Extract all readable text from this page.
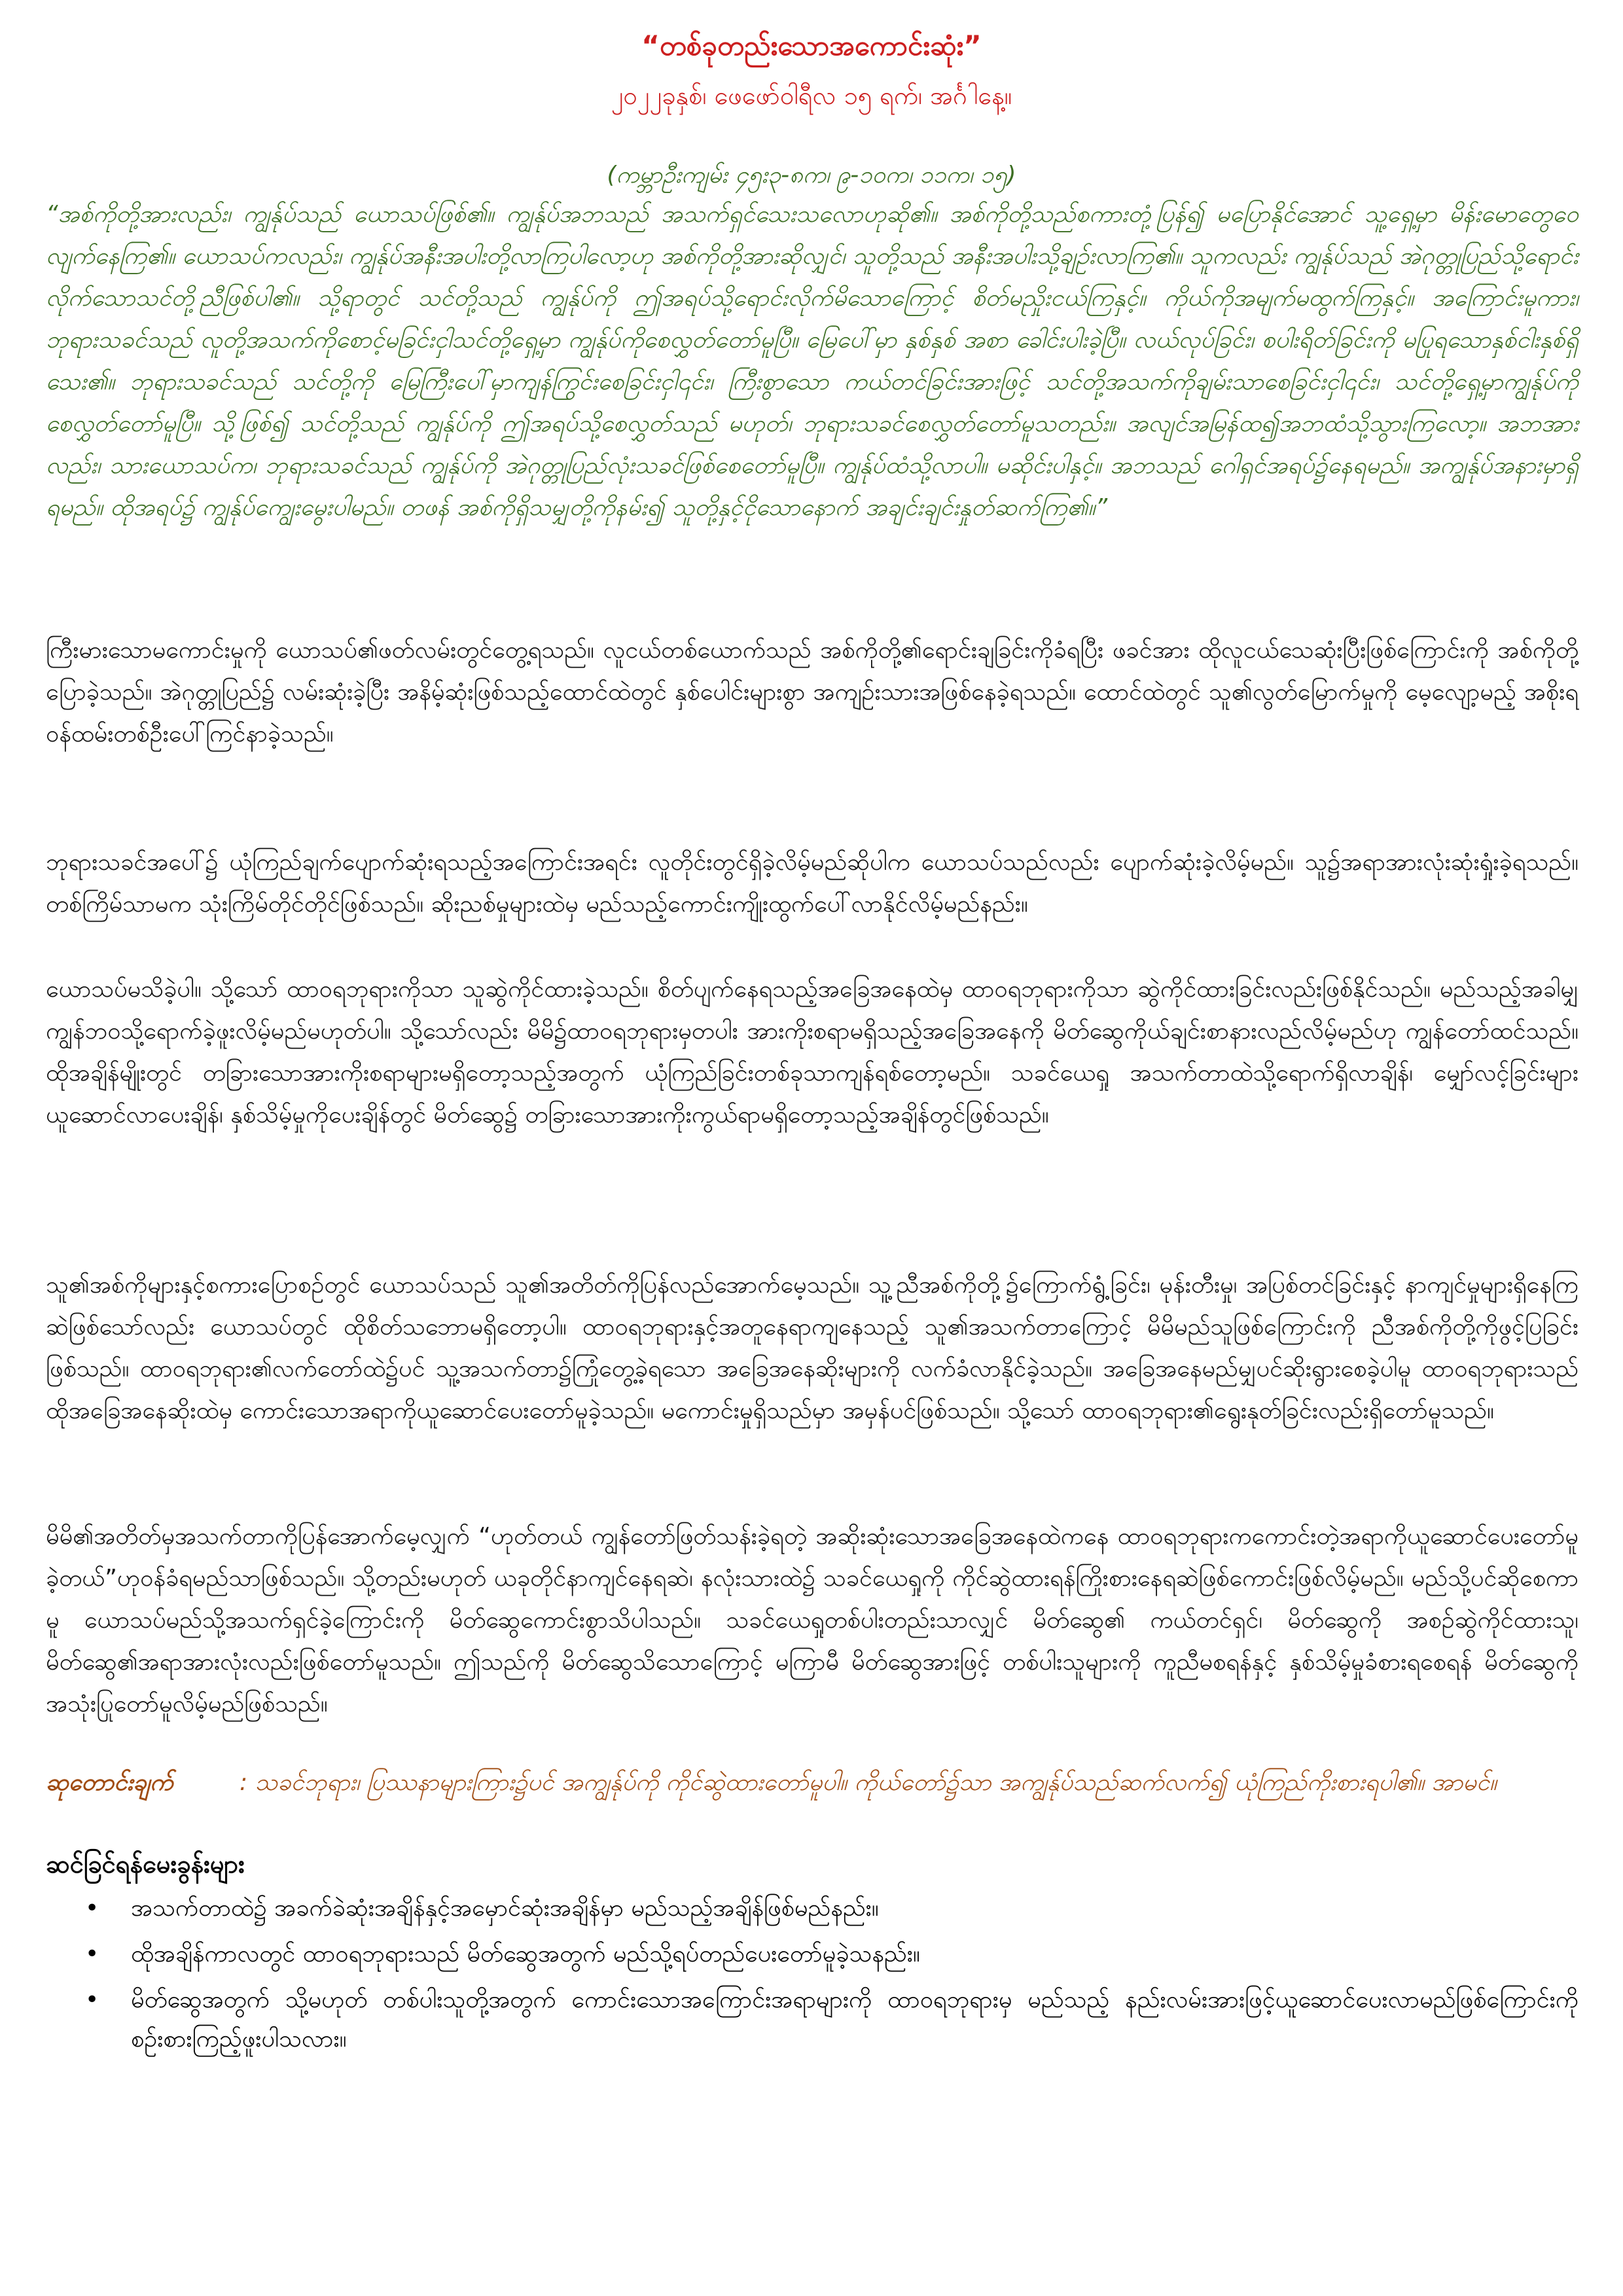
“တစ်ခုတည်းသောအကောင်းဆုံး”
၂၀၂၂ခုနှစ်၊ ဖေဖော်ဝါရီလ ၁၅ ရက်၊ အင်္ဂါနေ့။
(ကမ္ဘာဦးကျမ်း ၄၅း၃-၈က၊ ၉-၁၀က၊ ၁၁က၊ ၁၅)

“အစ်ကိုတို့အားလည်း၊ ကျွန်ုပ်သည် ယောသပ်ဖြစ်၏။ ကျွန်ုပ်အဘသည် အသက်ရှင်သေးသလောဟုဆို၏။ အစ်ကိုတို့သည်စကားတုံ့ပြန်၍ မပြောနိုင်အောင် သူ့ရှေ့မှာ မိန်းမောတွေဝေလျက်နေကြ၏။ ယောသပ်ကလည်း၊ ကျွန်ုပ်အနီးအပါးတို့လာကြပါလော့ဟု အစ်ကိုတို့အားဆိုလျှင်၊ သူတို့သည် အနီးအပါးသို့ချဉ်းလာကြ၏။ သူကလည်း ကျွန်ုပ်သည် အဲဂုတ္တုပြည်သို့ရောင်းလိုက်သောသင်တို့ညီဖြစ်ပါ၏။ သို့ရာတွင် သင်တို့သည် ကျွန်ုပ်ကို ဤအရပ်သို့ရောင်းလိုက်မိသောကြောင့် စိတ်မညှိုးငယ်ကြနှင့်။ ကိုယ်ကိုအမျက်မထွက်ကြနှင့်။ အကြောင်းမူကား၊ ဘုရားသခင်သည် လူတို့အသက်ကိုစောင့်မခြင်းငှါသင်တို့ရှေ့မှာ ကျွန်ုပ်ကိုစေလွှတ်တော်မူပြီ။ မြေပေါ်မှာ နှစ်နှစ် အစာ ခေါင်းပါးခဲ့ပြီ။ လယ်လုပ်ခြင်း၊ စပါးရိတ်ခြင်းကို မပြုရသောနှစ်ငါးနှစ်ရှိသေး၏။ ဘုရားသခင်သည် သင်တို့ကို မြေကြီးပေါ်မှာကျန်ကြွင်းစေခြင်းငှါ၎င်း၊ ကြီးစွာသော ကယ်တင်ခြင်းအားဖြင့် သင်တို့အသက်ကိုချမ်းသာစေခြင်းငှါ၎င်း၊ သင်တို့ရှေ့မှာကျွန်ုပ်ကိုစေလွှတ်တော်မူပြီ။ သို့ဖြစ်၍ သင်တို့သည် ကျွန်ုပ်ကို ဤအရပ်သို့စေလွှတ်သည် မဟုတ်၊ ဘုရားသခင်စေလွှတ်တော်မူသတည်း။ အလျင်အမြန်ထ၍အဘထံသို့သွားကြလော့။ အဘအားလည်း၊ သားယောသပ်က၊ ဘုရားသခင်သည် ကျွန်ုပ်ကို အဲဂုတ္တုပြည်လုံးသခင်ဖြစ်စေတော်မူပြီ။ ကျွန်ုပ်ထံသို့လာပါ။ မဆိုင်းပါနှင့်။ အဘသည် ဂေါရှင်အရပ်၌နေရမည်။ အကျွန်ုပ်အနားမှာရှိရမည်။ ထိုအရပ်၌ ကျွန်ုပ်ကျွေးမွေးပါမည်။ တဖန် အစ်ကိုရှိသမျှတို့ကိုနမ်း၍ သူတို့နှင့်ငိုသောနောက် အချင်းချင်းနှုတ်ဆက်ကြ၏။”

ကြီးမားသောမကောင်းမှုကို ယောသပ်၏ဖတ်လမ်းတွင်တွေ့ရသည်။ လူငယ်တစ်ယောက်သည် အစ်ကိုတို့၏ရောင်းချခြင်းကိုခံရပြီး ဖခင်အား ထိုလူငယ်သေဆုံးပြီးဖြစ်ကြောင်းကို အစ်ကိုတို့ပြောခဲ့သည်။ အဲဂုတ္တုပြည်၌ လမ်းဆုံးခဲ့ပြီး အနိမ့်ဆုံးဖြစ်သည့်ထောင်ထဲတွင် နှစ်ပေါင်းများစွာ အကျဉ်းသားအဖြစ်နေခဲ့ရသည်။ ထောင်ထဲတွင် သူ၏လွတ်မြောက်မှုကို မေ့လျော့မည့် အစိုးရဝန်ထမ်းတစ်ဦးပေါ်ကြင်နာခဲ့သည်။

ဘုရားသခင်အပေါ်၌ ယုံကြည်ချက်ပျောက်ဆုံးရသည့်အကြောင်းအရင်း လူတိုင်းတွင်ရှိခဲ့လိမ့်မည်ဆိုပါက ယောသပ်သည်လည်း ပျောက်ဆုံးခဲ့လိမ့်မည်။ သူ၌အရာအားလုံးဆုံးရှုံးခဲ့ရသည်။ တစ်ကြိမ်သာမက သုံးကြိမ်တိုင်တိုင်ဖြစ်သည်။ ဆိုးညစ်မှုများထဲမှ မည်သည့်ကောင်းကျိုးထွက်ပေါ်လာနိုင်လိမ့်မည်နည်း။

ယောသပ်မသိခဲ့ပါ။ သို့သော် ထာဝရဘုရားကိုသာ သူဆွဲကိုင်ထားခဲ့သည်။ စိတ်ပျက်နေရသည့်အခြေအနေထဲမှ ထာဝရဘုရားကိုသာ ဆွဲကိုင်ထားခြင်းလည်းဖြစ်နိုင်သည်။ မည်သည့်အခါမျှ ကျွန်ဘဝသို့ရောက်ခဲ့ဖူးလိမ့်မည်မဟုတ်ပါ။ သို့သော်လည်း မိမိ၌ထာဝရဘုရားမှတပါး အားကိုးစရာမရှိသည့်အခြေအနေကို မိတ်ဆွေကိုယ်ချင်းစာနားလည်လိမ့်မည်ဟု ကျွန်တော်ထင်သည်။ ထိုအချိန်မျိုးတွင် တခြားသောအားကိုးစရာများမရှိတော့သည့်အတွက် ယုံကြည်ခြင်းတစ်ခုသာကျန်ရစ်တော့မည်။ သခင်ယေရှု အသက်တာထဲသို့ရောက်ရှိလာချိန်၊ မျှော်လင့်ခြင်းများယူဆောင်လာပေးချိန်၊ နှစ်သိမ့်မှုကိုပေးချိန်တွင် မိတ်ဆွေ၌ တခြားသောအားကိုးကွယ်ရာမရှိတော့သည့်အချိန်တွင်ဖြစ်သည်။

သူ၏အစ်ကိုများနှင့်စကားပြောစဉ်တွင် ယောသပ်သည် သူ၏အတိတ်ကိုပြန်လည်အောက်မေ့သည်။ သူ့ညီအစ်ကိုတို့၌ကြောက်ရွံ့ခြင်း၊ မုန်းတီးမှု၊ အပြစ်တင်ခြင်းနှင့် နာကျင်မှုများရှိနေကြဆဲဖြစ်သော်လည်း ယောသပ်တွင် ထိုစိတ်သဘောမရှိတော့ပါ။ ထာဝရဘုရားနှင့်အတူနေရာကျနေသည့် သူ၏အသက်တာကြောင့် မိမိမည်သူဖြစ်ကြောင်းကို ညီအစ်ကိုတို့ကိုဖွင့်ပြခြင်းဖြစ်သည်။ ထာဝရဘုရား၏လက်တော်ထဲ၌ပင် သူ့အသက်တာ၌ကြုံတွေ့ခဲ့ရသော အခြေအနေဆိုးများကို လက်ခံလာနိုင်ခဲ့သည်။ အခြေအနေမည်မျှပင်ဆိုးရွားစေခဲ့ပါမူ ထာဝရဘုရားသည် ထိုအခြေအနေဆိုးထဲမှ ကောင်းသောအရာကိုယူဆောင်ပေးတော်မူခဲ့သည်။ မကောင်းမှုရှိသည်မှာ အမှန်ပင်ဖြစ်သည်။ သို့သော် ထာဝရဘုရား၏ရွေးနုတ်ခြင်းလည်းရှိတော်မူသည်။

မိမိ၏အတိတ်မှအသက်တာကိုပြန်အောက်မေ့လျှက် “ဟုတ်တယ် ကျွန်တော်ဖြတ်သန်းခဲ့ရတဲ့ အဆိုးဆုံးသောအခြေအနေထဲကနေ ထာဝရဘုရားကကောင်းတဲ့အရာကိုယူဆောင်ပေးတော်မူခဲ့တယ်”ဟုဝန်ခံရမည်သာဖြစ်သည်။ သို့တည်းမဟုတ် ယခုတိုင်နာကျင်နေရဆဲ၊ နလုံးသားထဲ၌ သခင်ယေရှုကို ကိုင်ဆွဲထားရန်ကြိုးစားနေရဆဲဖြစ်ကောင်းဖြစ်လိမ့်မည်။ မည်သို့ပင်ဆိုစေကာမူ ယောသပ်မည်သို့အသက်ရှင်ခဲ့ကြောင်းကို မိတ်ဆွေကောင်းစွာသိပါသည်။ သခင်ယေရှုတစ်ပါးတည်းသာလျှင် မိတ်ဆွေ၏ ကယ်တင်ရှင်၊ မိတ်ဆွေကို အစဉ်ဆွဲကိုင်ထားသူ၊ မိတ်ဆွေ၏အရာအားလုံးလည်းဖြစ်တော်မူသည်။ ဤသည်ကို မိတ်ဆွေသိသောကြောင့် မကြာမီ မိတ်ဆွေအားဖြင့် တစ်ပါးသူများကို ကူညီမစရန်နှင့် နှစ်သိမ့်မှုခံစားရစေရန် မိတ်ဆွေကို အသုံးပြုတော်မူလိမ့်မည်ဖြစ်သည်။

ဆုတောင်းချက်	: သခင်ဘုရား၊ ပြဿနာများကြား၌ပင် အကျွန်ုပ်ကို ကိုင်ဆွဲထားတော်မူပါ။ ကိုယ်တော်၌သာ အကျွန်ုပ်သည်ဆက်လက်၍ ယုံကြည်ကိုးစားရပါ၏။ အာမင်။

ဆင်ခြင်ရန်မေးခွန်းများ
• အသက်တာထဲ၌ အခက်ခဲဆုံးအချိန်နှင့်အမှောင်ဆုံးအချိန်မှာ မည်သည့်အချိန်ဖြစ်မည်နည်း။
• ထိုအချိန်ကာလတွင် ထာဝရဘုရားသည် မိတ်ဆွေအတွက် မည်သို့ရပ်တည်ပေးတော်မူခဲ့သနည်း။
• မိတ်ဆွေအတွက် သို့မဟုတ် တစ်ပါးသူတို့အတွက် ကောင်းသောအကြောင်းအရာများကို ထာဝရဘုရားမှ မည်သည့် နည်းလမ်းအားဖြင့်ယူဆောင်ပေးလာမည်ဖြစ်ကြောင်းကို စဉ်းစားကြည့်ဖူးပါသလား။
